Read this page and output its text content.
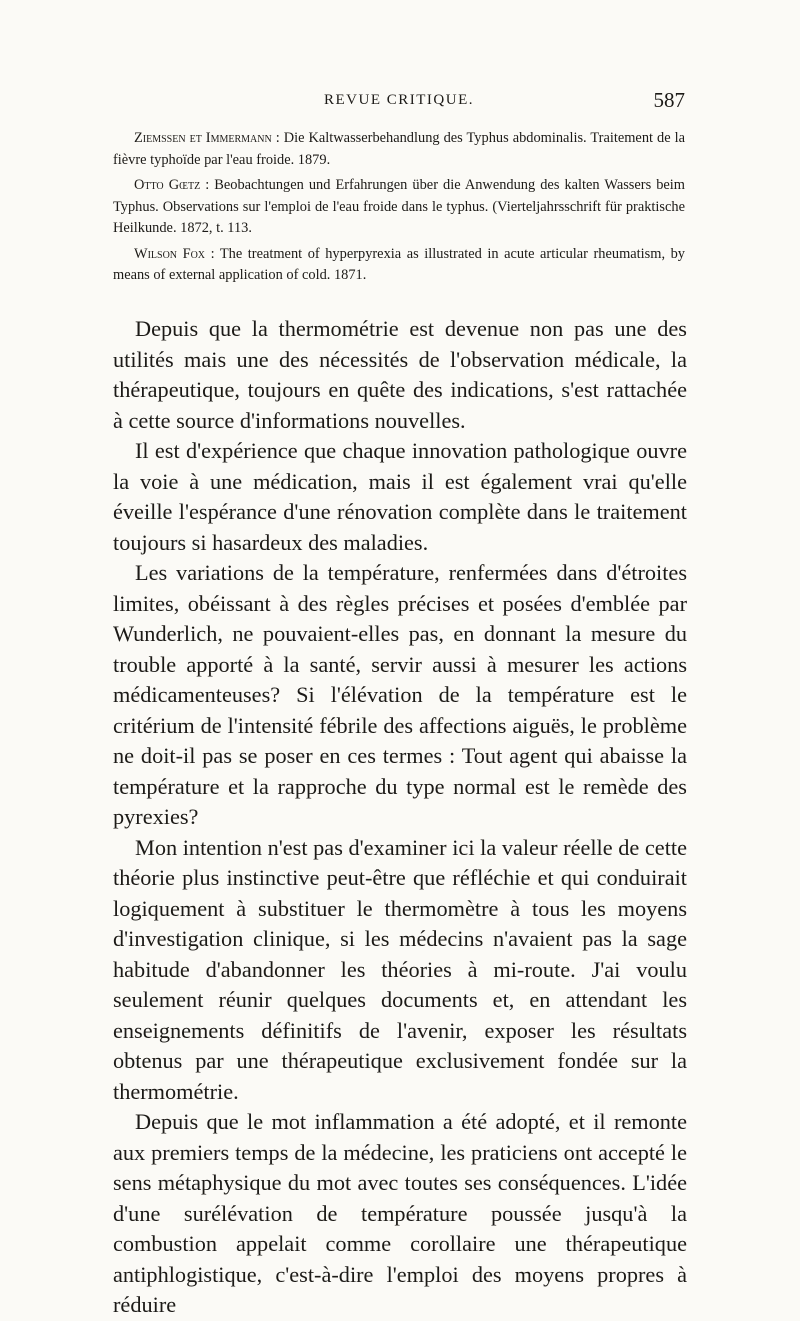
REVUE CRITIQUE.	587

Ziemssen et Immermann : Die Kaltwasserbehandlung des Typhus abdominalis. Traitement de la fièvre typhoïde par l'eau froide. 1879.

Otto Gœtz : Beobachtungen und Erfahrungen über die Anwendung des kalten Wassers beim Typhus. Observations sur l'emploi de l'eau froide dans le typhus. (Vierteljahrsschrift für praktische Heilkunde. 1872, t. 113.

Wilson Fox : The treatment of hyperpyrexia as illustrated in acute articular rheumatism, by means of external application of cold. 1871.

Depuis que la thermométrie est devenue non pas une des utilités mais une des nécessités de l'observation médicale, la thérapeutique, toujours en quête des indications, s'est rattachée à cette source d'informations nouvelles.

Il est d'expérience que chaque innovation pathologique ouvre la voie à une médication, mais il est également vrai qu'elle éveille l'espérance d'une rénovation complète dans le traitement toujours si hasardeux des maladies.

Les variations de la température, renfermées dans d'étroites limites, obéissant à des règles précises et posées d'emblée par Wunderlich, ne pouvaient-elles pas, en donnant la mesure du trouble apporté à la santé, servir aussi à mesurer les actions médicamenteuses? Si l'élévation de la température est le critérium de l'intensité fébrile des affections aiguës, le problème ne doit-il pas se poser en ces termes : Tout agent qui abaisse la température et la rapproche du type normal est le remède des pyrexies?

Mon intention n'est pas d'examiner ici la valeur réelle de cette théorie plus instinctive peut-être que réfléchie et qui conduirait logiquement à substituer le thermomètre à tous les moyens d'investigation clinique, si les médecins n'avaient pas la sage habitude d'abandonner les théories à mi-route. J'ai voulu seulement réunir quelques documents et, en attendant les enseignements définitifs de l'avenir, exposer les résultats obtenus par une thérapeutique exclusivement fondée sur la thermométrie.

Depuis que le mot inflammation a été adopté, et il remonte aux premiers temps de la médecine, les praticiens ont accepté le sens métaphysique du mot avec toutes ses conséquences. L'idée d'une surélévation de température poussée jusqu'à la combustion appelait comme corollaire une thérapeutique antiphlogistique, c'est-à-dire l'emploi des moyens propres à réduire
